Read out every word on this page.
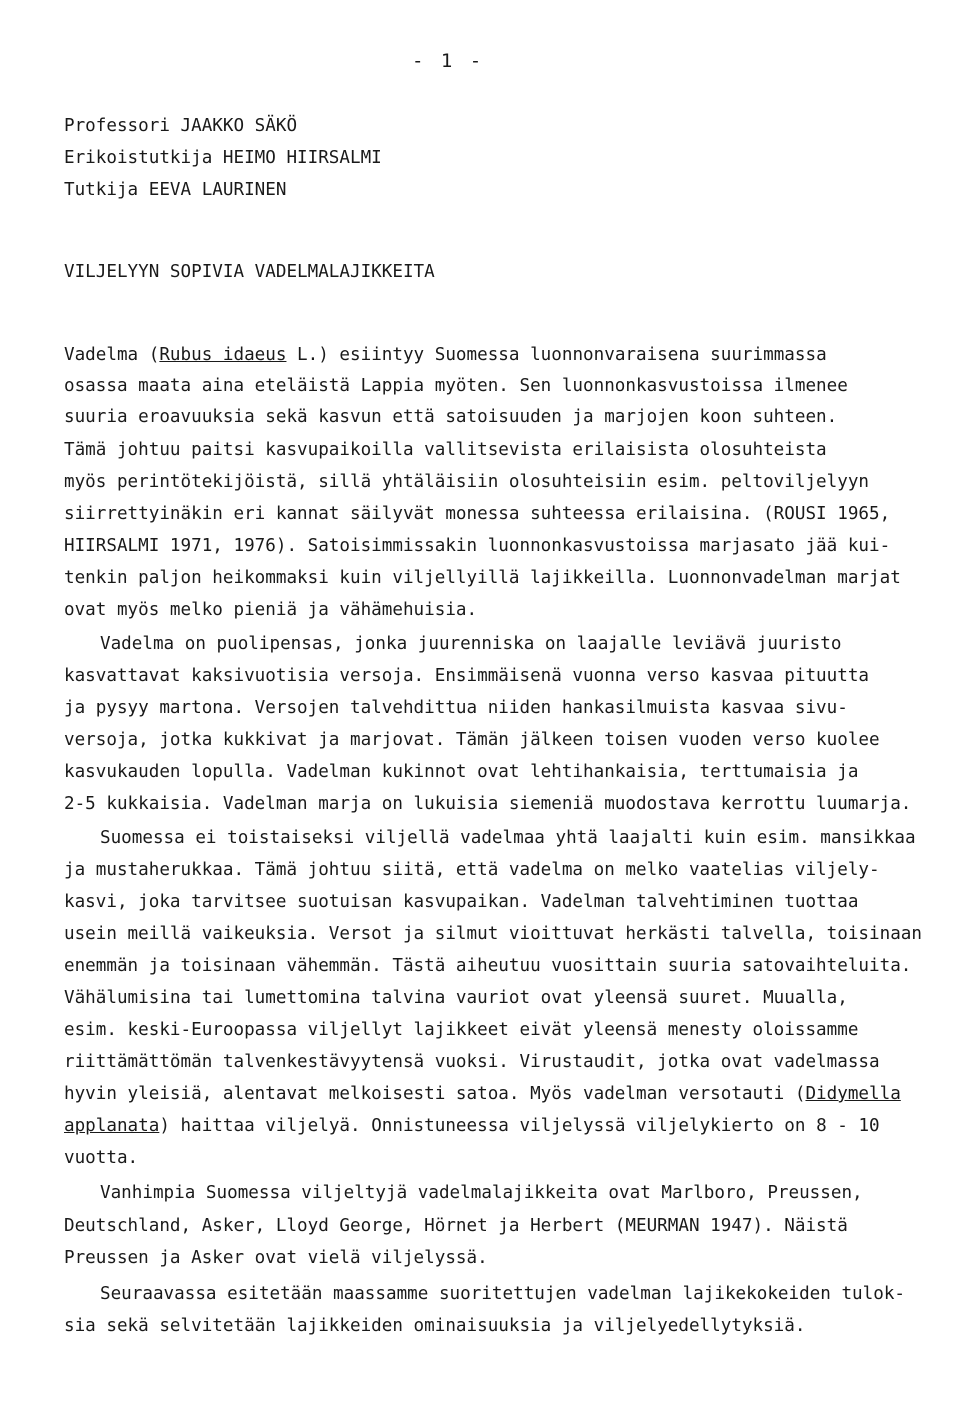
- 1 -
Professori JAAKKO SÄKÖ
Erikoistutkija HEIMO HIIRSALMI
Tutkija EEVA LAURINEN
VILJELYYN SOPIVIA VADELMALAJIKKEITA
Vadelma (Rubus idaeus L.) esiintyy Suomessa luonnonvaraisena suurimmassa
osassa maata aina eteläistä Lappia myöten. Sen luonnonkasvustoissa ilmenee
suuria eroavuuksia sekä kasvun että satoisuuden ja marjojen koon suhteen.
Tämä johtuu paitsi kasvupaikoilla vallitsevista erilaisista olosuhteista
myös perintötekijöistä, sillä yhtäläisiin olosuhteisiin esim. peltoviljelyyn
siirrettyinäkin eri kannat säilyvät monessa suhteessa erilaisina. (ROUSI 1965,
HIIRSALMI 1971, 1976). Satoisimmissakin luonnonkasvustoissa marjasato jää kui-
tenkin paljon heikommaksi kuin viljellyillä lajikkeilla. Luonnonvadelman marjat
ovat myös melko pieniä ja vähämehuisia.
Vadelma on puolipensas, jonka juurenniska on laajalle leviävä juuristo
kasvattavat kaksivuotisia versoja. Ensimmäisenä vuonna verso kasvaa pituutta
ja pysyy martona. Versojen talvehdittua niiden hankasilmuista kasvaa sivu-
versoja, jotka kukkivat ja marjovat. Tämän jälkeen toisen vuoden verso kuolee
kasvukauden lopulla. Vadelman kukinnot ovat lehtihankaisia, terttumaisia ja
2-5 kukkaisia. Vadelman marja on lukuisia siemeniä muodostava kerrottu luumarja.
Suomessa ei toistaiseksi viljellä vadelmaa yhtä laajalti kuin esim. mansikkaa
ja mustaherukkaa. Tämä johtuu siitä, että vadelma on melko vaatelias viljely-
kasvi, joka tarvitsee suotuisan kasvupaikan. Vadelman talvehtiminen tuottaa
usein meillä vaikeuksia. Versot ja silmut vioittuvat herkästi talvella, toisinaan
enemmän ja toisinaan vähemmän. Tästä aiheutuu vuosittain suuria satovaihteluita.
Vähälumisina tai lumettomina talvina vauriot ovat yleensä suuret. Muualla,
esim. keski-Euroopassa viljellyt lajikkeet eivät yleensä menesty oloissamme
riittämättömän talvenkestävyytensä vuoksi. Virustaudit, jotka ovat vadelmassa
hyvin yleisiä, alentavat melkoisesti satoa. Myös vadelman versotauti (Didymella
applanata) haittaa viljelyä. Onnistuneessa viljelyssä viljelykierto on 8 - 10
vuotta.
Vanhimpia Suomessa viljeltyjä vadelmalajikkeita ovat Marlboro, Preussen,
Deutschland, Asker, Lloyd George, Hörnet ja Herbert (MEURMAN 1947). Näistä
Preussen ja Asker ovat vielä viljelyssä.
Seuraavassa esitetään maassamme suoritettujen vadelman lajikekokeiden tulok-
sia sekä selvitetään lajikkeiden ominaisuuksia ja viljelyedellytyksiä.
